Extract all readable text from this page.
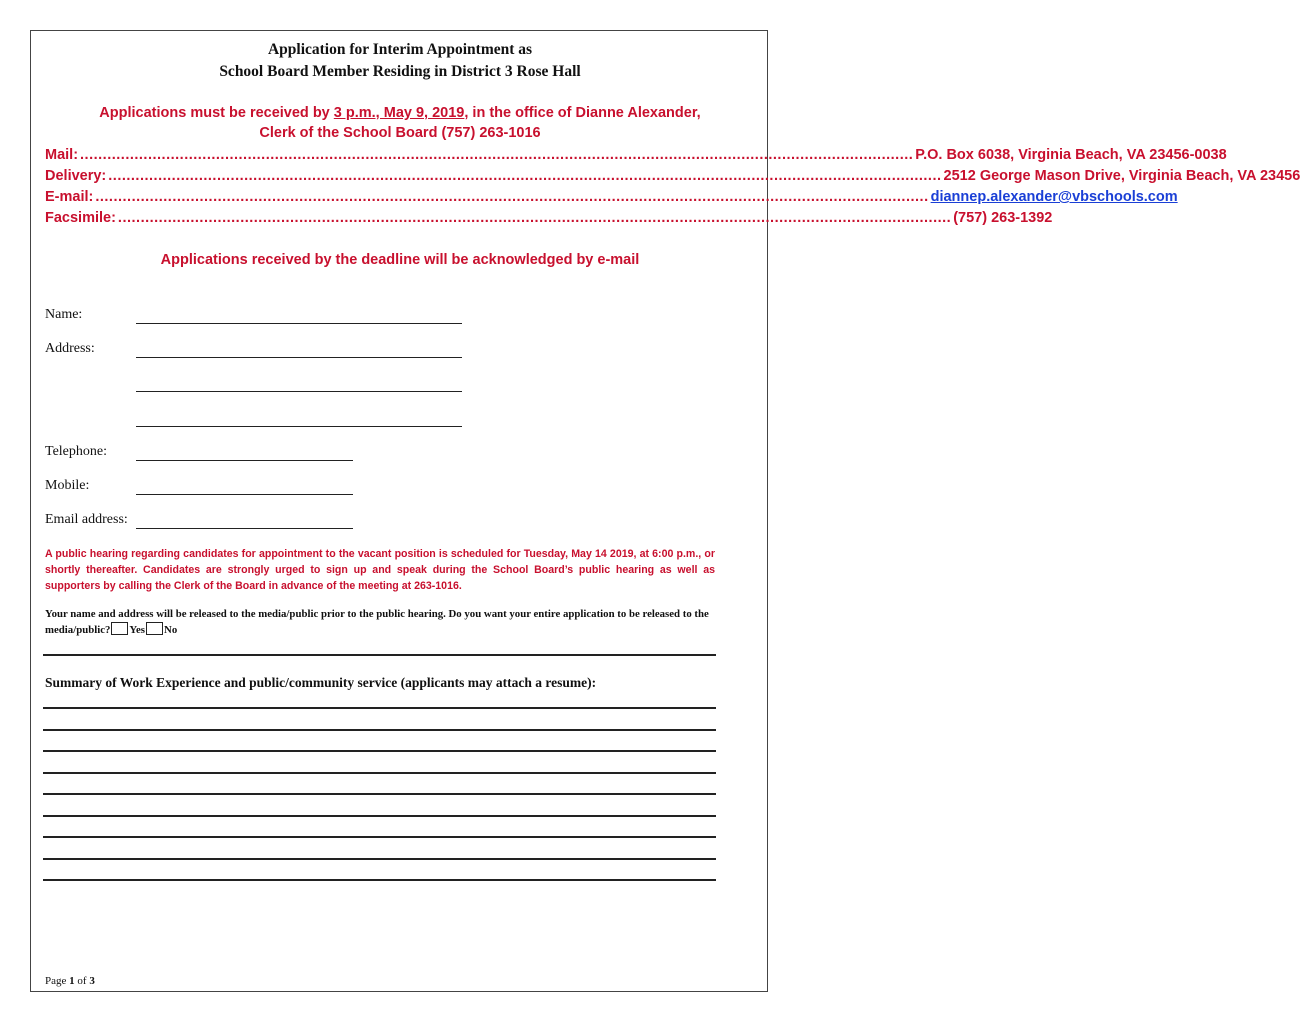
Application for Interim Appointment as
School Board Member Residing in District 3 Rose Hall
Applications must be received by 3 p.m., May 9, 2019, in the office of Dianne Alexander,
Clerk of the School Board (757) 263-1016
Mail: ........................................................................................................................................................................................ P.O. Box 6038, Virginia Beach, VA 23456-0038
Delivery: ........................................................................................................................................................................................ 2512 George Mason Drive, Virginia Beach, VA 23456
E-mail: ........................................................................................................................................................................................ diannep.alexander@vbschools.com
Facsimile: ........................................................................................................................................................................................ (757) 263-1392
Applications received by the deadline will be acknowledged by e-mail
Name:
Address:
Telephone:
Mobile:
Email address:
A public hearing regarding candidates for appointment to the vacant position is scheduled for Tuesday, May 14 2019, at 6:00 p.m., or shortly thereafter. Candidates are strongly urged to sign up and speak during the School Board’s public hearing as well as supporters by calling the Clerk of the Board in advance of the meeting at 263-1016.
Your name and address will be released to the media/public prior to the public hearing. Do you want your entire application to be released to the media/public? Yes No
Summary of Work Experience and public/community service (applicants may attach a resume):
Page 1 of 3
